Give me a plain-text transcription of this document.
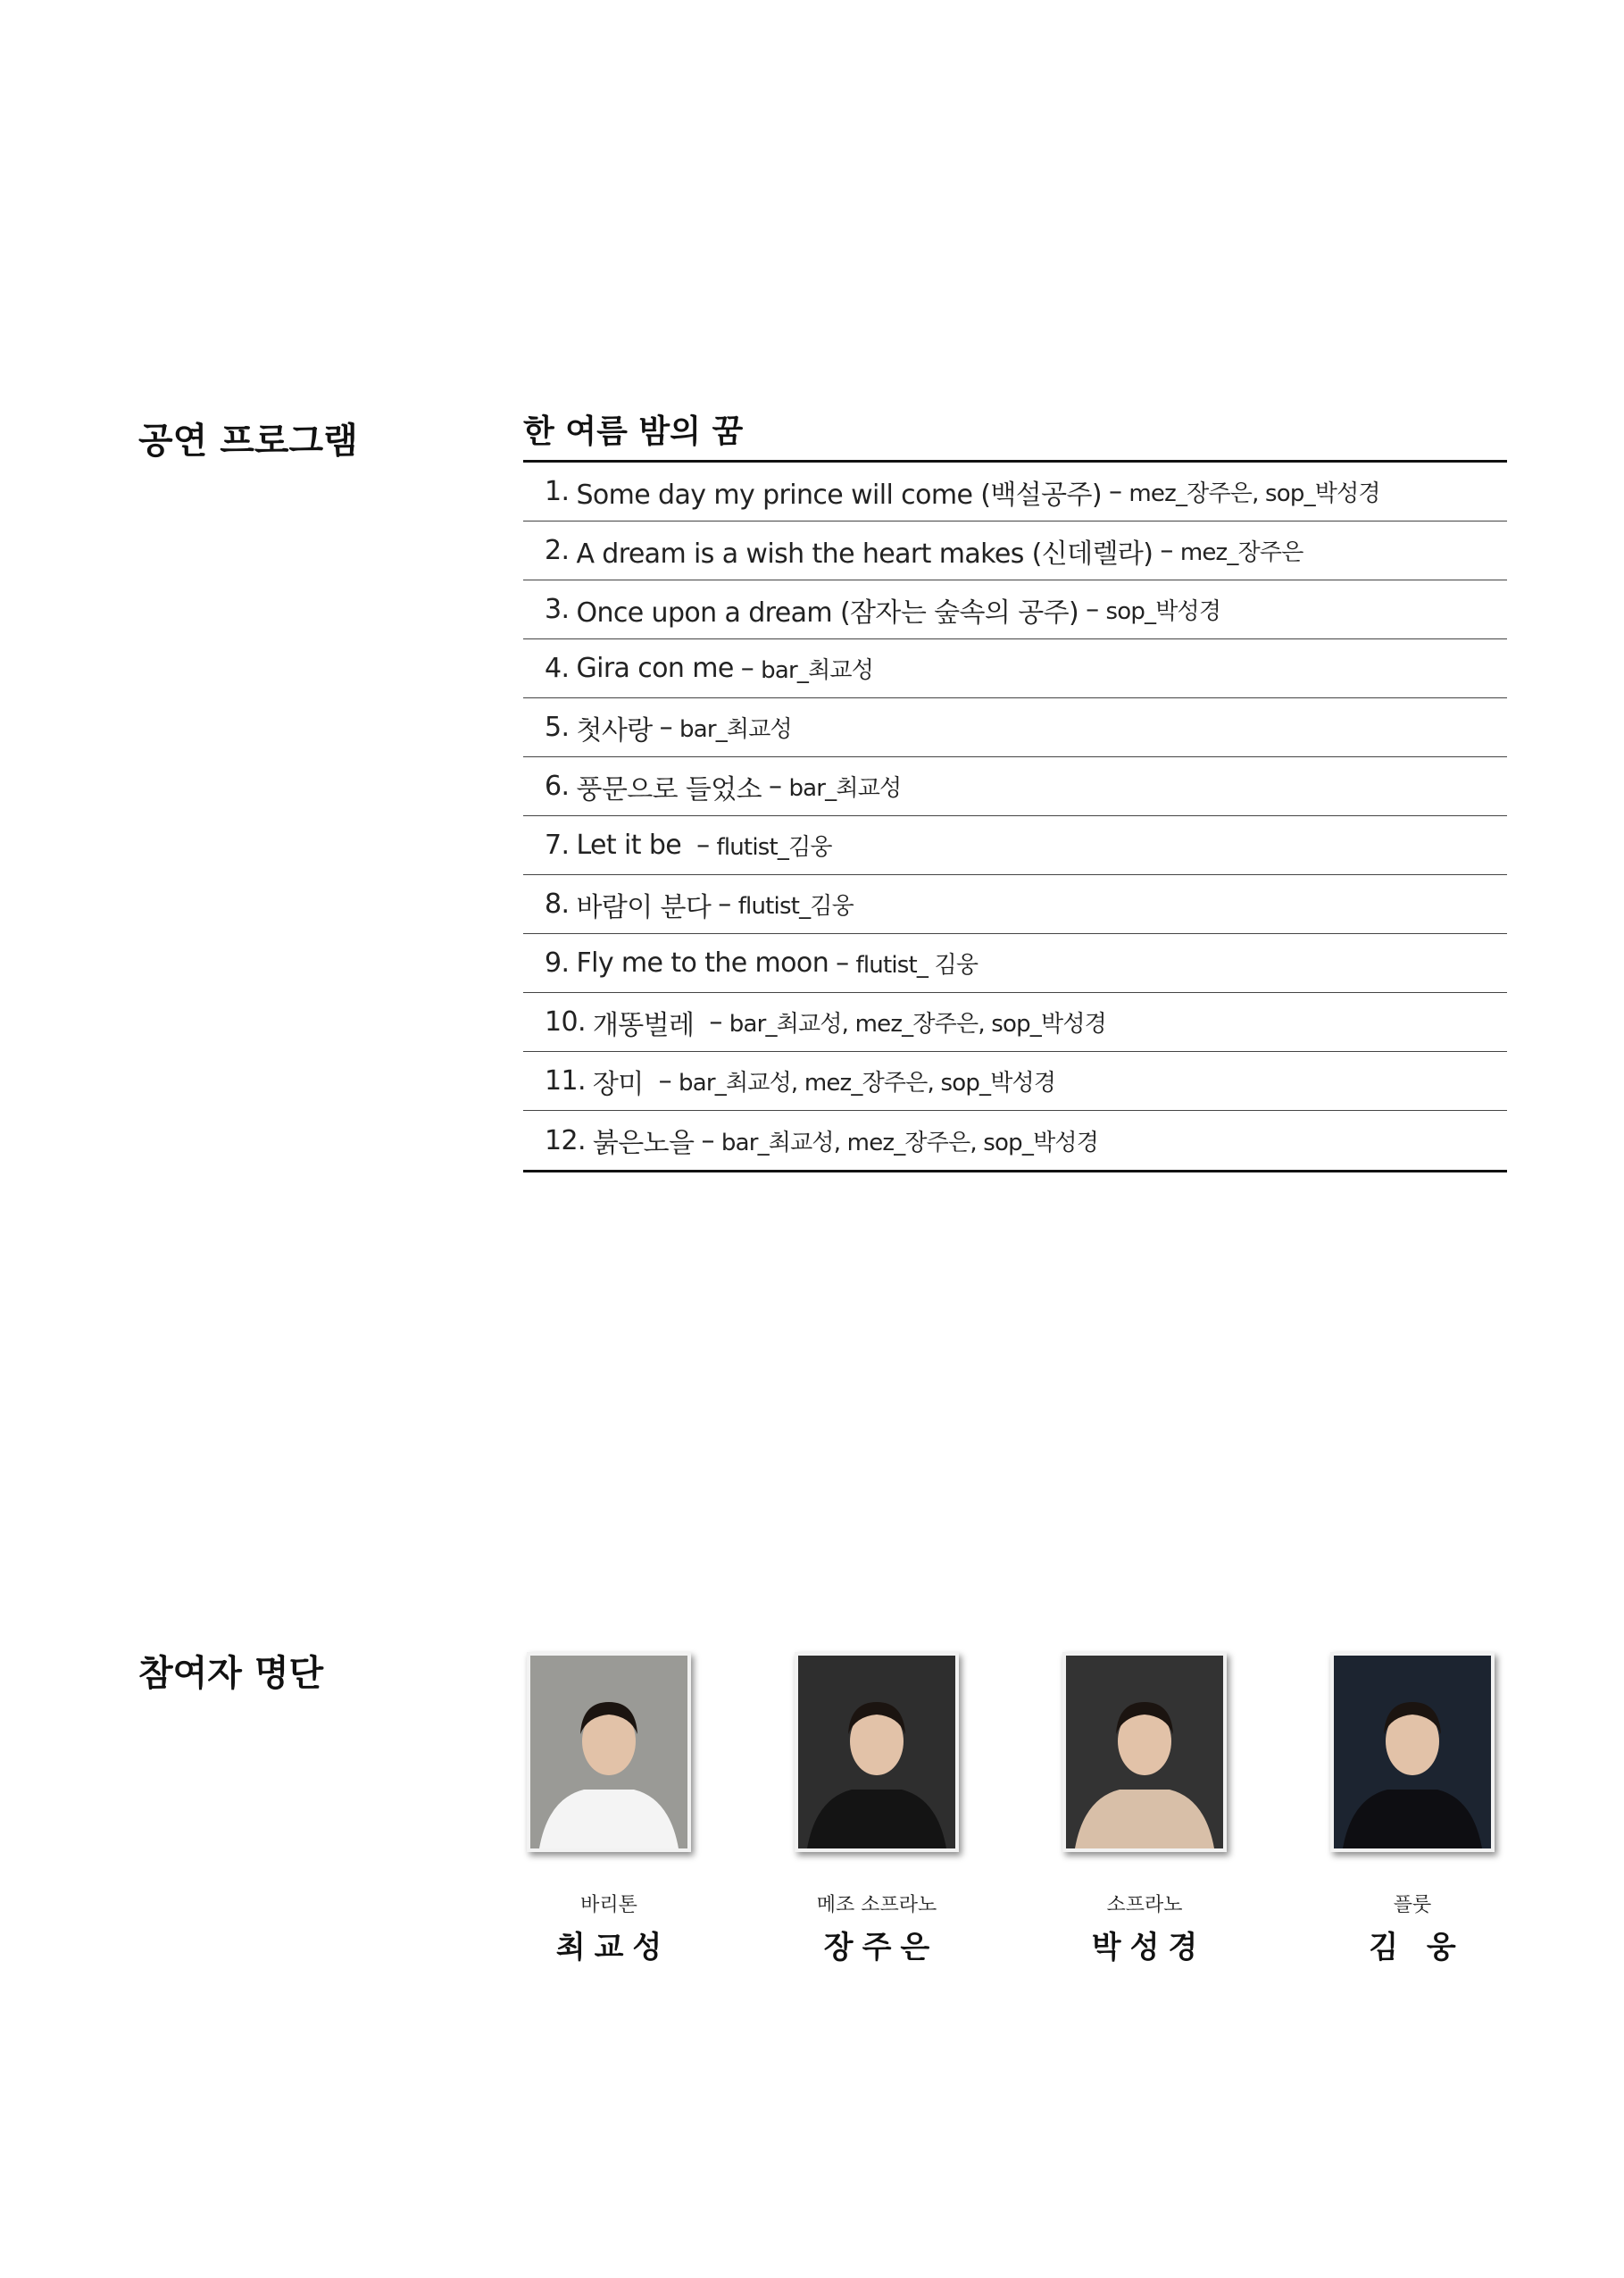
공연 프로그램	한 여름 밤의 꿈
1. Some day my prince will come (백설공주) – mez_장주은, sop_박성경
2. A dream is a wish the heart makes (신데렐라) – mez_장주은
3. Once upon a dream (잠자는 숲속의 공주) – sop_박성경
4. Gira con me – bar_최교성
5. 첫사랑 – bar_최교성
6. 풍문으로 들었소 – bar_최교성
7. Let it be – flutist_김웅
8. 바람이 분다 – flutist_김웅
9. Fly me to the moon – flutist_ 김웅
10. 개똥벌레 – bar_최교성, mez_장주은, sop_박성경
11. 장미 – bar_최교성, mez_장주은, sop_박성경
12. 붉은노을 – bar_최교성, mez_장주은, sop_박성경
참여자 명단
바리톤
최교성
메조 소프라노
장주은
소프라노
박성경
플룻
김 웅
